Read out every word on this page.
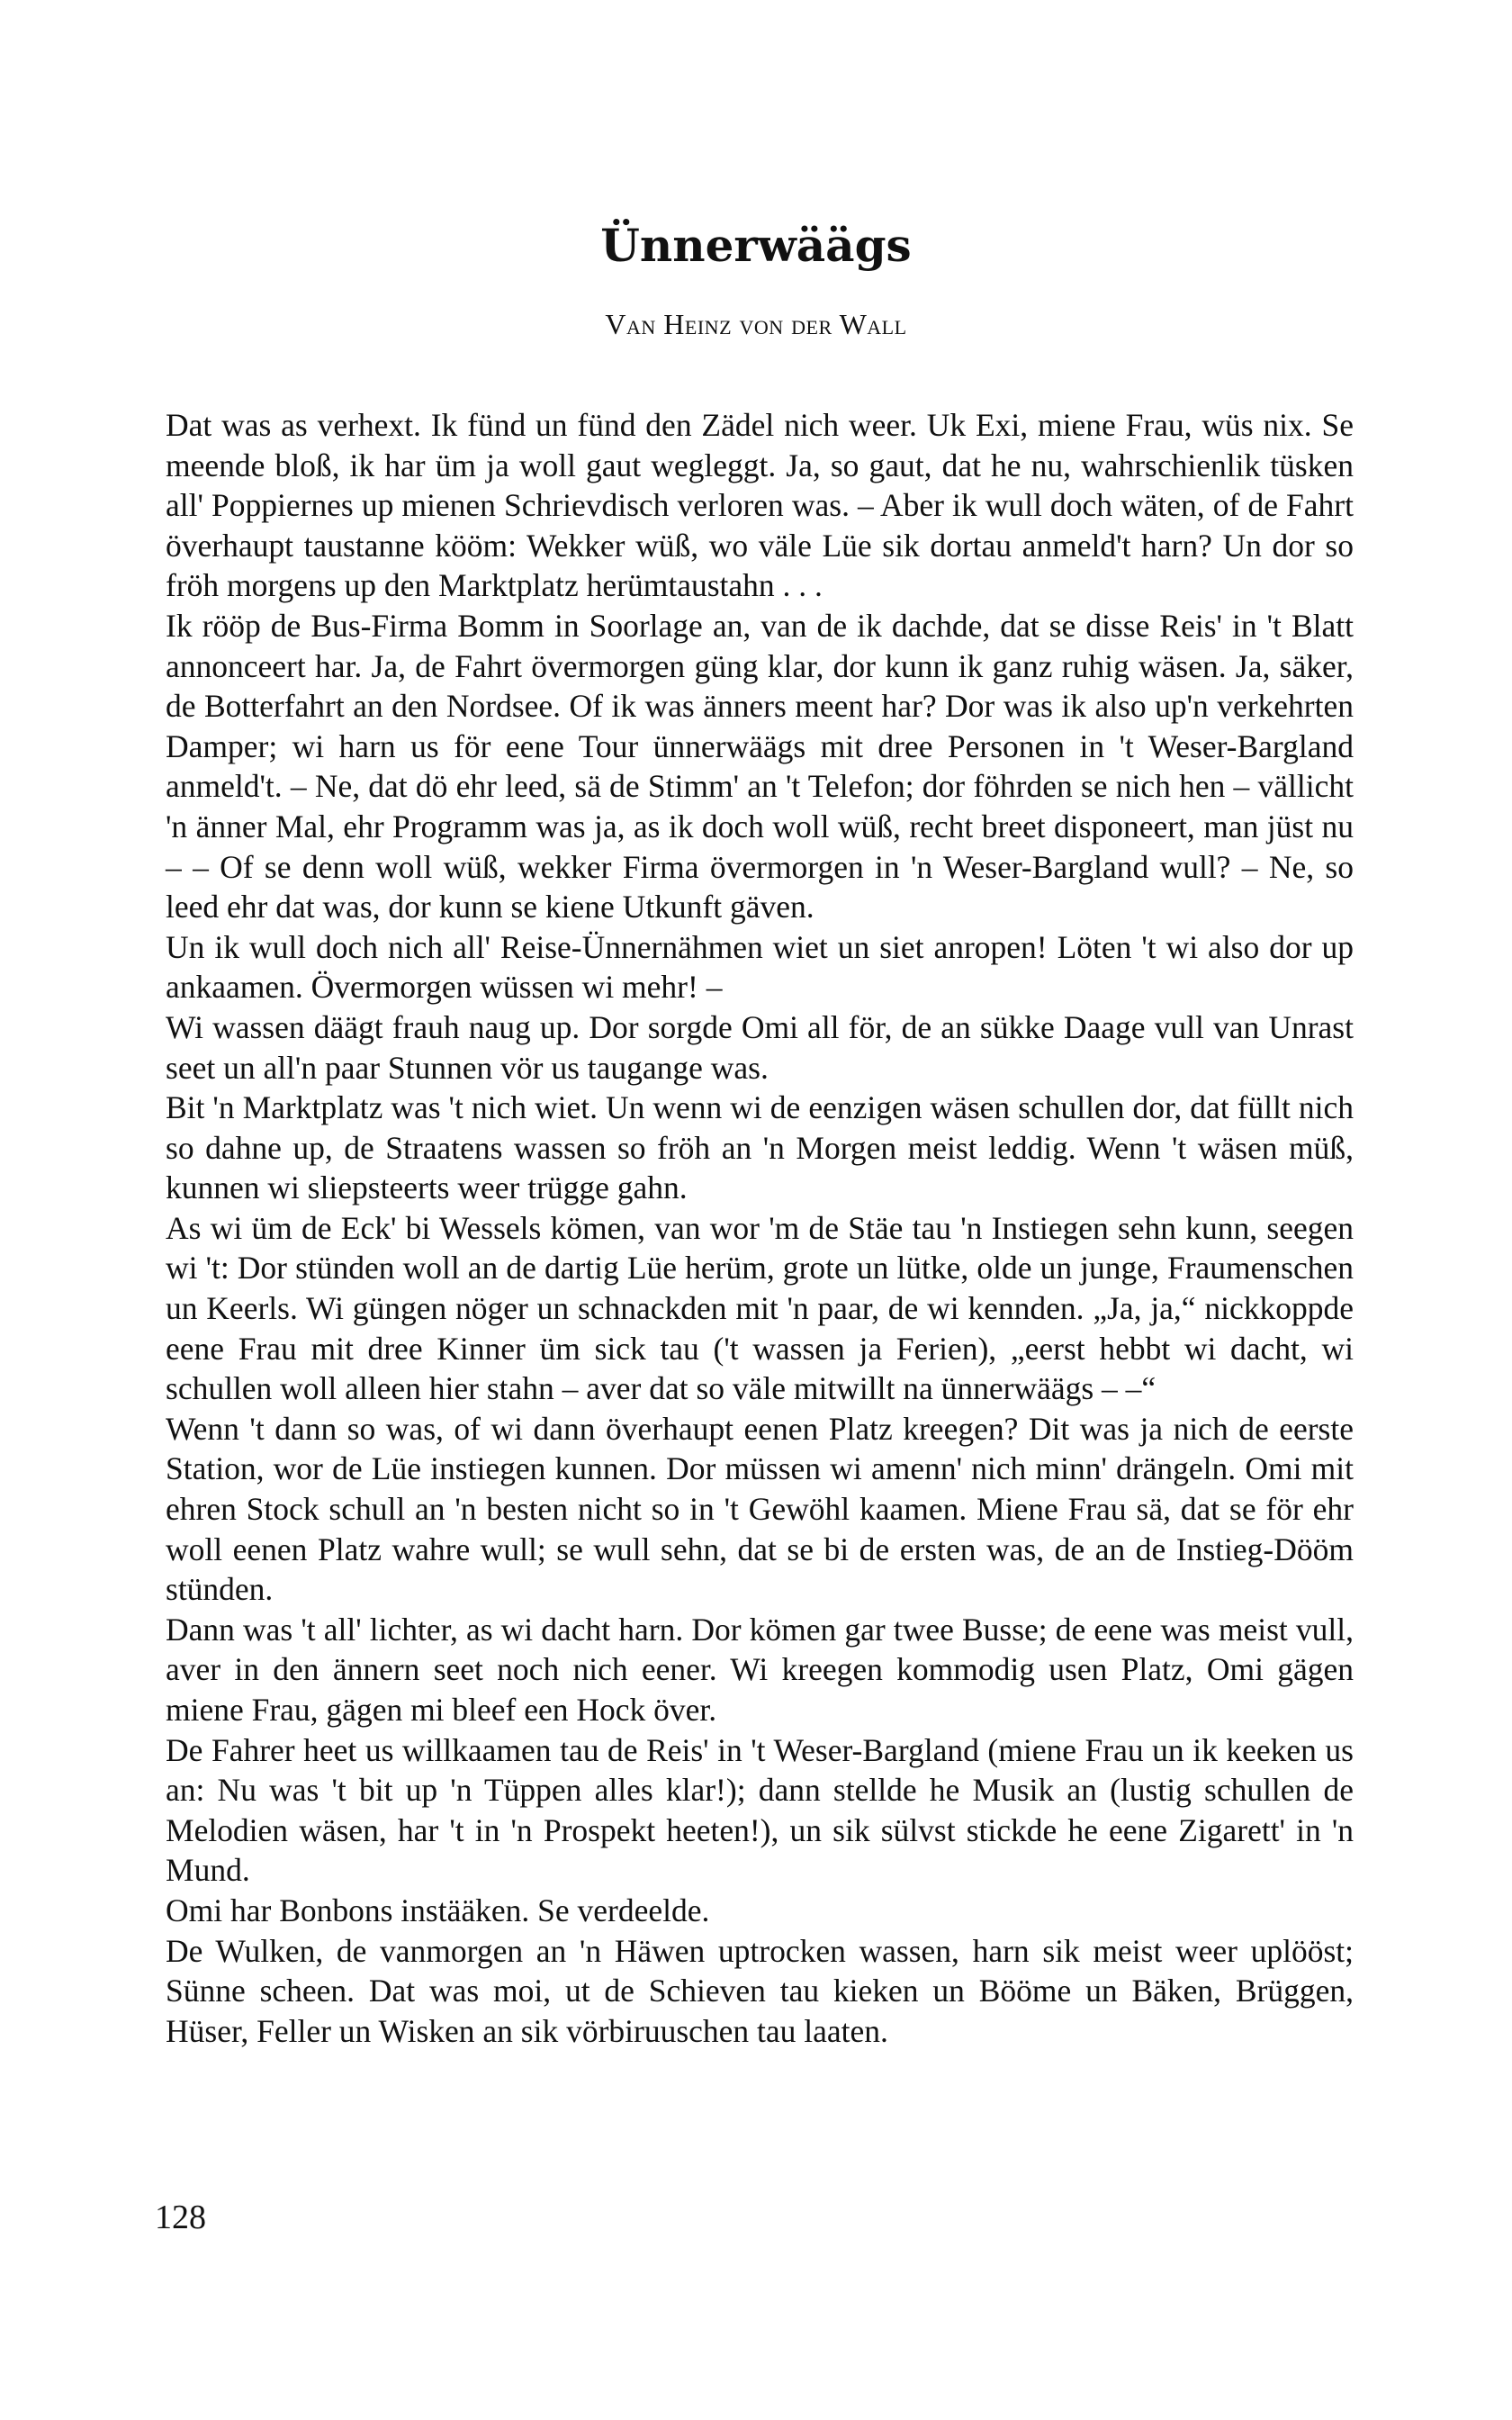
Ünnerwäägs
Van Heinz von der Wall

Dat was as verhext. Ik fünd un fünd den Zädel nich weer. Uk Exi, miene Frau, wüs nix. Se meende bloß, ik har üm ja woll gaut wegleggt. Ja, so gaut, dat he nu, wahrschienlik tüsken all' Poppiernes up mienen Schrievdisch verloren was. – Aber ik wull doch wäten, of de Fahrt överhaupt taustanne kööm: Wekker wüß, wo väle Lüe sik dortau anmeld't harn? Un dor so fröh morgens up den Marktplatz herümtaustahn . . .

Ik rööp de Bus-Firma Bomm in Soorlage an, van de ik dachde, dat se disse Reis' in 't Blatt annonceert har. Ja, de Fahrt övermorgen güng klar, dor kunn ik ganz ruhig wäsen. Ja, säker, de Botterfahrt an den Nordsee. Of ik was änners meent har? Dor was ik also up'n verkehrten Damper; wi harn us för eene Tour ünnerwäägs mit dree Personen in 't Weser-Bargland anmeld't. – Ne, dat dö ehr leed, sä de Stimm' an 't Telefon; dor föhrden se nich hen – vällicht 'n änner Mal, ehr Programm was ja, as ik doch woll wüß, recht breet disponeert, man jüst nu – – Of se denn woll wüß, wekker Firma övermorgen in 'n Weser-Bargland wull? – Ne, so leed ehr dat was, dor kunn se kiene Utkunft gäven.

Un ik wull doch nich all' Reise-Ünnernähmen wiet un siet anropen! Löten 't wi also dor up ankaamen. Övermorgen wüssen wi mehr! –

Wi wassen däägt frauh naug up. Dor sorgde Omi all för, de an sükke Daage vull van Unrast seet un all'n paar Stunnen vör us taugange was.

Bit 'n Marktplatz was 't nich wiet. Un wenn wi de eenzigen wäsen schullen dor, dat füllt nich so dahne up, de Straatens wassen so fröh an 'n Morgen meist leddig. Wenn 't wäsen müß, kunnen wi sliepsteerts weer trügge gahn.

As wi üm de Eck' bi Wessels kömen, van wor 'm de Stäe tau 'n Instiegen sehn kunn, seegen wi 't: Dor stünden woll an de dartig Lüe herüm, grote un lütke, olde un junge, Fraumenschen un Keerls. Wi güngen nöger un schnackden mit 'n paar, de wi kennden. „Ja, ja,“ nickkoppde eene Frau mit dree Kinner üm sick tau ('t wassen ja Ferien), „eerst hebbt wi dacht, wi schullen woll alleen hier stahn – aver dat so väle mitwillt na ünnerwäägs – –“

Wenn 't dann so was, of wi dann överhaupt eenen Platz kreegen? Dit was ja nich de eerste Station, wor de Lüe instiegen kunnen. Dor müssen wi amenn' nich minn' drängeln. Omi mit ehren Stock schull an 'n besten nicht so in 't Gewöhl kaamen. Miene Frau sä, dat se för ehr woll eenen Platz wahre wull; se wull sehn, dat se bi de ersten was, de an de Instieg-Dööm stünden.

Dann was 't all' lichter, as wi dacht harn. Dor kömen gar twee Busse; de eene was meist vull, aver in den ännern seet noch nich eener. Wi kreegen kommodig usen Platz, Omi gägen miene Frau, gägen mi bleef een Hock över.

De Fahrer heet us willkaamen tau de Reis' in 't Weser-Bargland (miene Frau un ik keeken us an: Nu was 't bit up 'n Tüppen alles klar!); dann stellde he Musik an (lustig schullen de Melodien wäsen, har 't in 'n Prospekt heeten!), un sik sülvst stickde he eene Zigarett' in 'n Mund.

Omi har Bonbons instääken. Se verdeelde.

De Wulken, de vanmorgen an 'n Häwen uptrocken wassen, harn sik meist weer uplööst; Sünne scheen. Dat was moi, ut de Schieven tau kieken un Bööme un Bäken, Brüggen, Hüser, Feller un Wisken an sik vörbiruuschen tau laaten.

128
